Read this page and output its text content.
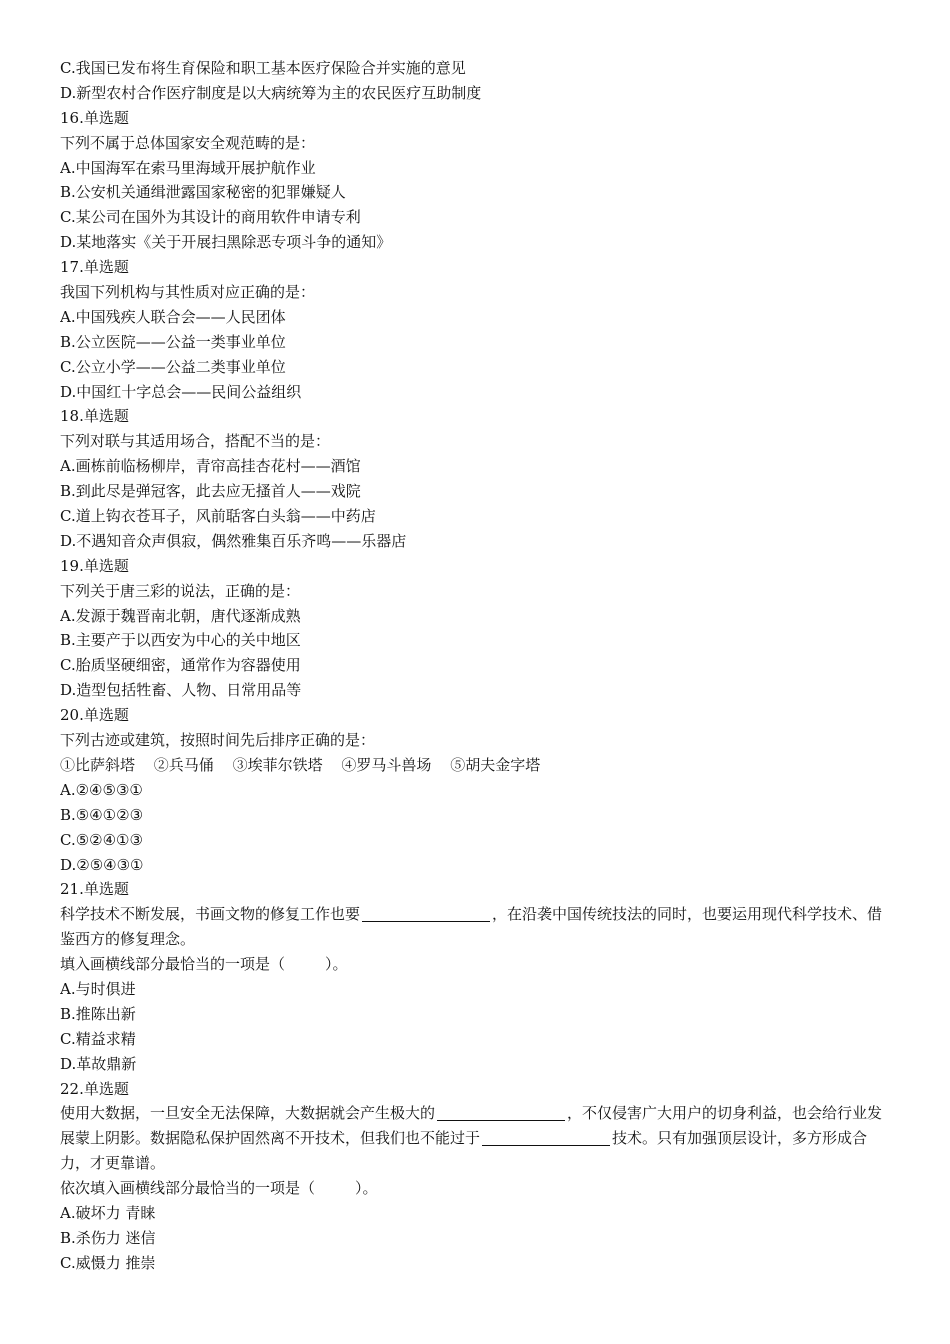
C.我国已发布将生育保险和职工基本医疗保险合并实施的意见
D.新型农村合作医疗制度是以大病统筹为主的农民医疗互助制度
16.单选题
下列不属于总体国家安全观范畴的是：
A.中国海军在索马里海域开展护航作业
B.公安机关通缉泄露国家秘密的犯罪嫌疑人
C.某公司在国外为其设计的商用软件申请专利
D.某地落实《关于开展扫黑除恶专项斗争的通知》
17.单选题
我国下列机构与其性质对应正确的是：
A.中国残疾人联合会——人民团体
B.公立医院——公益一类事业单位
C.公立小学——公益二类事业单位
D.中国红十字总会——民间公益组织
18.单选题
下列对联与其适用场合，搭配不当的是：
A.画栋前临杨柳岸，青帘高挂杏花村——酒馆
B.到此尽是弹冠客，此去应无搔首人——戏院
C.道上钩衣苍耳子，风前聒客白头翁——中药店
D.不遇知音众声俱寂，偶然雅集百乐齐鸣——乐器店
19.单选题
下列关于唐三彩的说法，正确的是：
A.发源于魏晋南北朝，唐代逐渐成熟
B.主要产于以西安为中心的关中地区
C.胎质坚硬细密，通常作为容器使用
D.造型包括牲畜、人物、日常用品等
20.单选题
下列古迹或建筑，按照时间先后排序正确的是：
①比萨斜塔 ②兵马俑 ③埃菲尔铁塔 ④罗马斗兽场 ⑤胡夫金字塔
A.②④⑤③①
B.⑤④①②③
C.⑤②④①③
D.②⑤④③①
21.单选题
科学技术不断发展，书画文物的修复工作也要	，在沿袭中国传统技法的同时，也要运用现代科学技术、借鉴西方的修复理念。
填入画横线部分最恰当的一项是（	）。
A.与时俱进
B.推陈出新
C.精益求精
D.革故鼎新
22.单选题
使用大数据，一旦安全无法保障，大数据就会产生极大的	，不仅侵害广大用户的切身利益，也会给行业发展蒙上阴影。数据隐私保护固然离不开技术，但我们也不能过于	技术。只有加强顶层设计，多方形成合力，才更靠谱。
依次填入画横线部分最恰当的一项是（	）。
A.破坏力 青睐
B.杀伤力 迷信
C.威慑力 推崇
